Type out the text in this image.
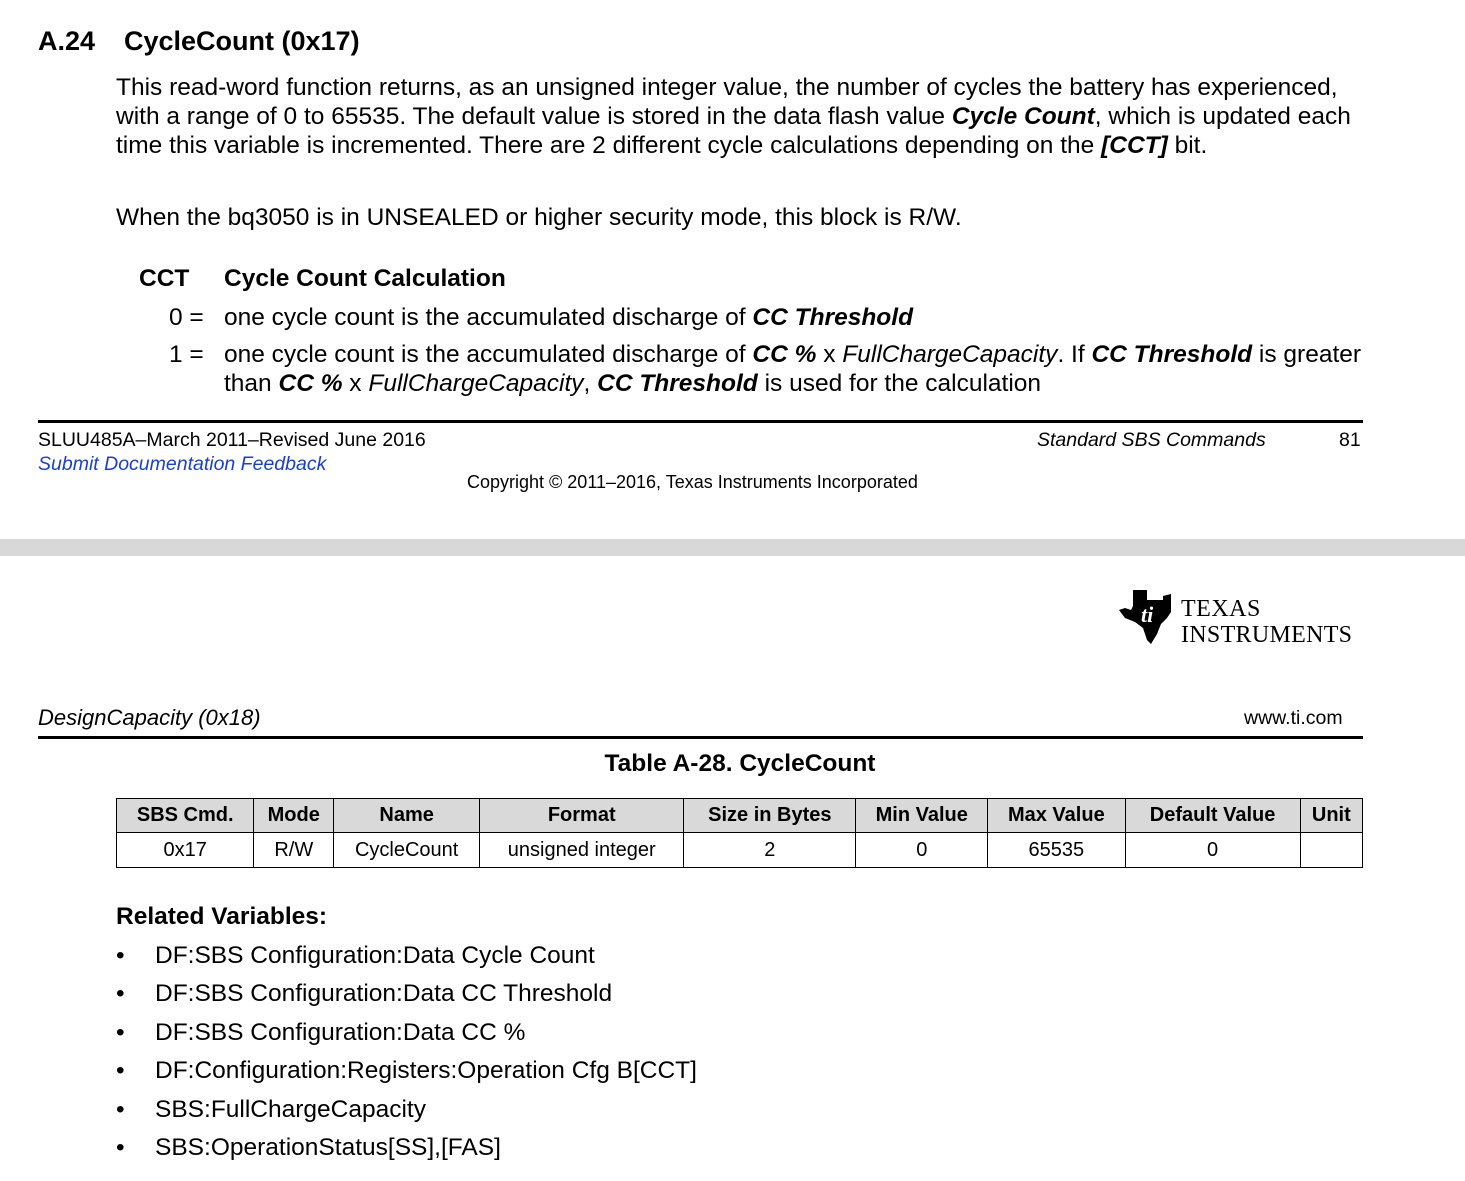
A.24 CycleCount (0x17)

This read-word function returns, as an unsigned integer value, the number of cycles the battery has experienced, with a range of 0 to 65535. The default value is stored in the data flash value Cycle Count, which is updated each time this variable is incremented. There are 2 different cycle calculations depending on the [CCT] bit.

When the bq3050 is in UNSEALED or higher security mode, this block is R/W.

CCT Cycle Count Calculation
0 = one cycle count is the accumulated discharge of CC Threshold
1 = one cycle count is the accumulated discharge of CC % x FullChargeCapacity. If CC Threshold is greater than CC % x FullChargeCapacity, CC Threshold is used for the calculation
SLUU485A–March 2011–Revised June 2016
Submit Documentation Feedback
Standard SBS Commands	81
Copyright © 2011–2016, Texas Instruments Incorporated
ti TEXAS
INSTRUMENTS
DesignCapacity (0x18)	www.ti.com
Table A-28. CycleCount
SBS Cmd.	Mode	Name	Format	Size in Bytes	Min Value	Max Value	Default Value	Unit
0x17	R/W	CycleCount	unsigned integer	2	0	65535	0	
Related Variables:
• DF:SBS Configuration:Data Cycle Count
• DF:SBS Configuration:Data CC Threshold
• DF:SBS Configuration:Data CC %
• DF:Configuration:Registers:Operation Cfg B[CCT]
• SBS:FullChargeCapacity
• SBS:OperationStatus[SS],[FAS]
